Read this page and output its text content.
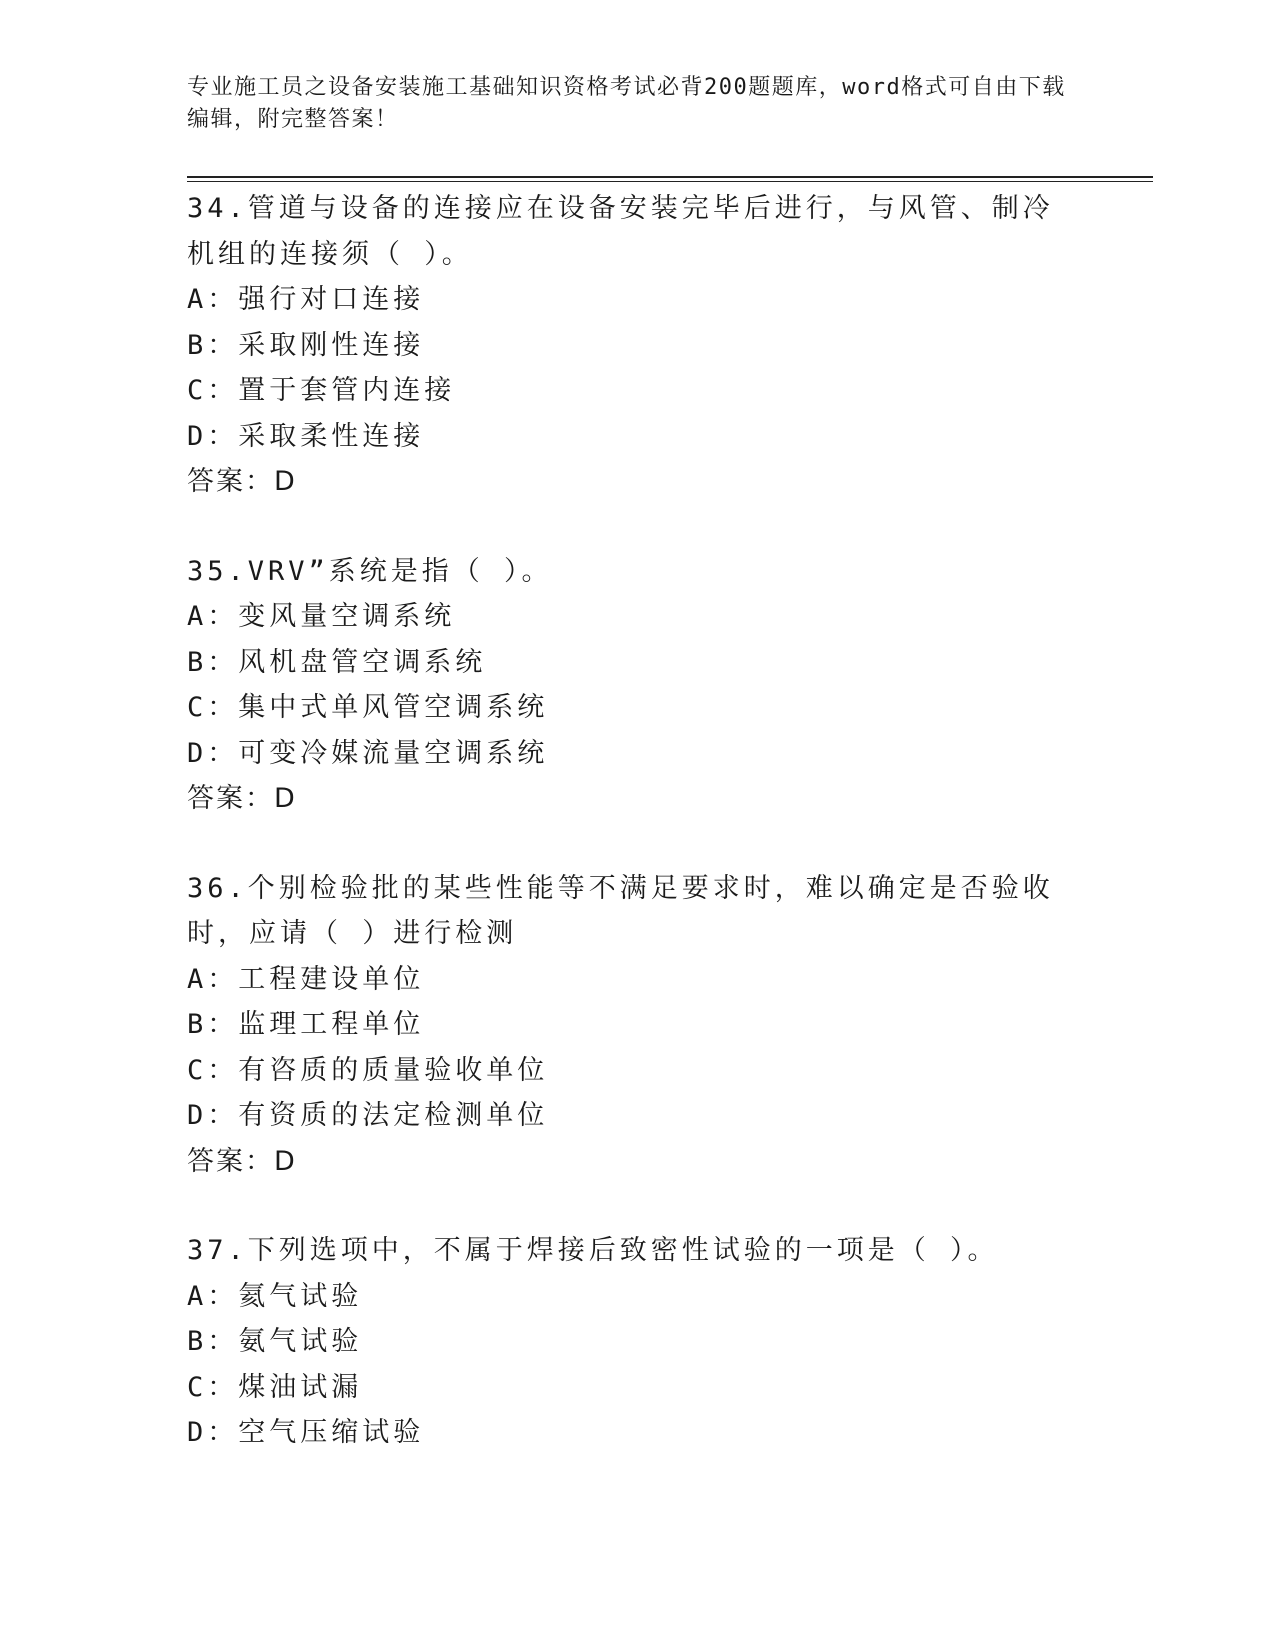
专业施工员之设备安装施工基础知识资格考试必背200题题库，word格式可自由下载编辑，附完整答案！
34.管道与设备的连接应在设备安装完毕后进行，与风管、制冷机组的连接须（ ）。
A：强行对口连接
B：采取刚性连接
C：置于套管内连接
D：采取柔性连接
答案：D
35.VRV”系统是指（ ）。
A：变风量空调系统
B：风机盘管空调系统
C：集中式单风管空调系统
D：可变冷媒流量空调系统
答案：D
36.个别检验批的某些性能等不满足要求时，难以确定是否验收时，应请（ ）进行检测
A：工程建设单位
B：监理工程单位
C：有咨质的质量验收单位
D：有资质的法定检测单位
答案：D
37.下列选项中，不属于焊接后致密性试验的一项是（ ）。
A：氦气试验
B：氨气试验
C：煤油试漏
D：空气压缩试验
